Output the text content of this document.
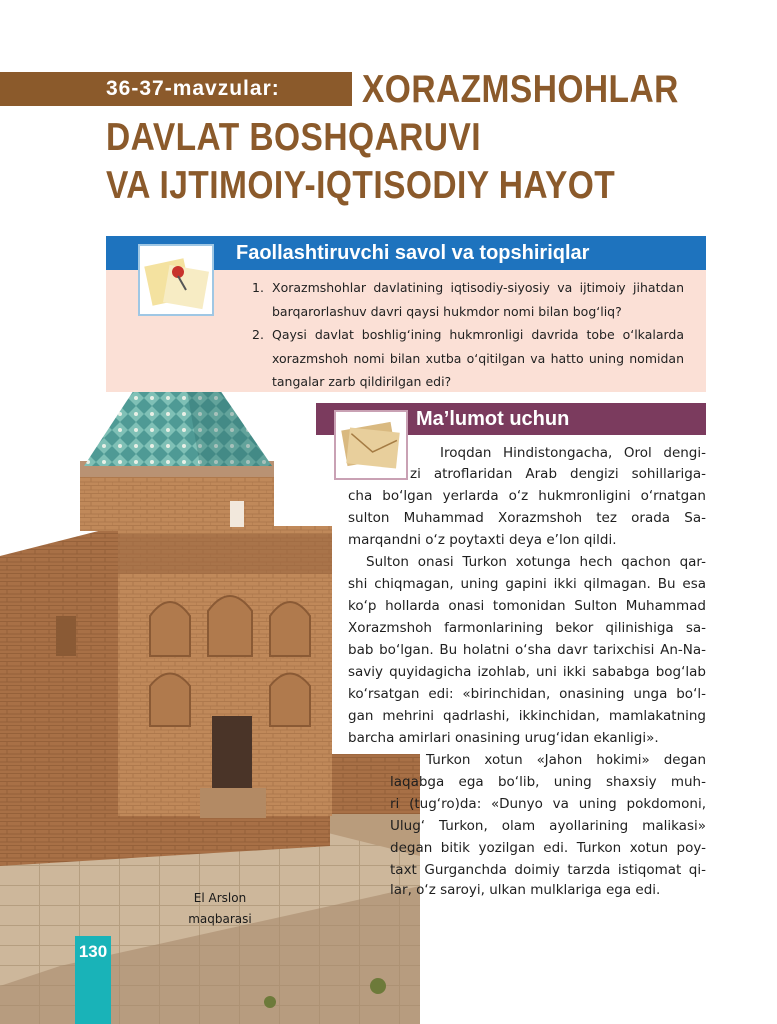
36-37-mavzular: XORAZMSHOHLAR
DAVLAT BOSHQARUVI
VA IJTIMOIY-IQTISODIY HAYOT
Faollashtiruvchi savol va topshiriqlar
1. Xorazmshohlar davlatining iqtisodiy-siyosiy va ijtimoiy jihatdan barqarorlashuv davri qaysi hukmdor nomi bilan bog‘liq?
2. Qaysi davlat boshlig‘ining hukmronligi davrida tobe o‘lkalarda xorazmshoh nomi bilan xutba o‘qitilgan va hatto uning nomidan tangalar zarb qildirilgan edi?
Ma’lumot uchun
Iroqdan Hindistongacha, Orol dengi-
zi atroflaridan Arab dengizi sohillariga-
cha bo‘lgan yerlarda o‘z hukmronligini o‘rnatgan
sulton Muhammad Xorazmshoh tez orada Sa-
marqandni o‘z poytaxti deya e’lon qildi.
Sulton onasi Turkon xotunga hech qachon qar-
shi chiqmagan, uning gapini ikki qilmagan. Bu esa
ko‘p hollarda onasi tomonidan Sulton Muhammad
Xorazmshoh farmonlarining bekor qilinishiga sa-
bab bo‘lgan. Bu holatni o‘sha davr tarixchisi An-Na-
saviy quyidagicha izohlab, uni ikki sababga bog‘lab
ko‘rsatgan edi: «birinchidan, onasining unga bo‘l-
gan mehrini qadrlashi, ikkinchidan, mamlakatning
barcha amirlari onasining urug‘idan ekanligi».
Turkon xotun «Jahon hokimi» degan
laqabga ega bo‘lib, uning shaxsiy muh-
ri (tug‘ro)da: «Dunyo va uning pokdomoni,
Ulug‘ Turkon, olam ayollarining malikasi»
degan bitik yozilgan edi. Turkon xotun poy-
taxt Gurganchda doimiy tarzda istiqomat qi-
lar, o‘z saroyi, ulkan mulklariga ega edi.
El Arslon
maqbarasi
130
